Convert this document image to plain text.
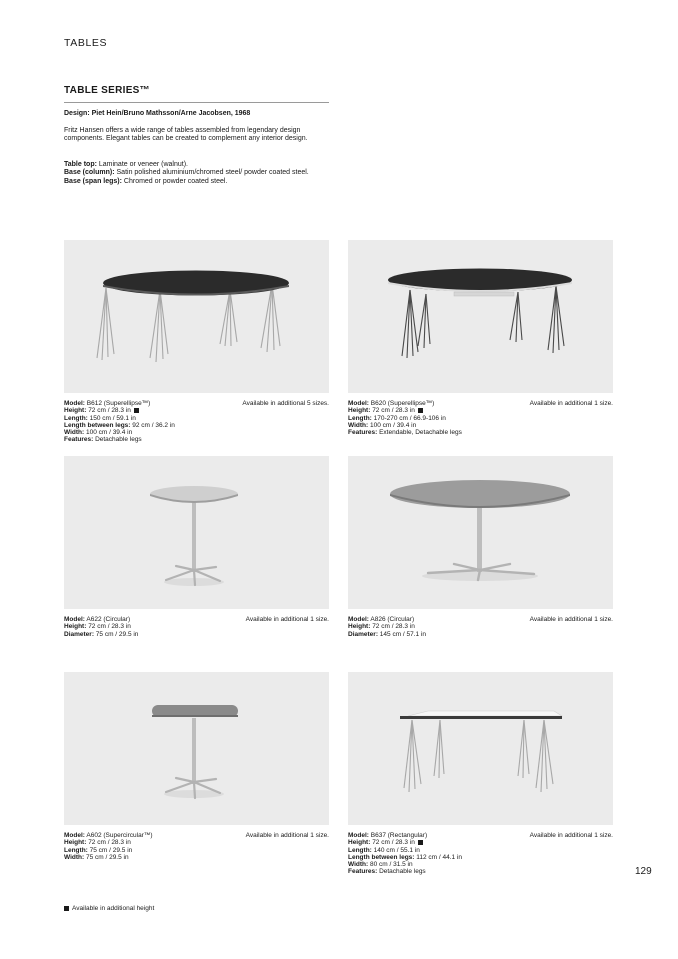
TABLES
TABLE SERIES™
Design: Piet Hein/Bruno Mathsson/Arne Jacobsen, 1968

Fritz Hansen offers a wide range of tables assembled from legendary design components. Elegant tables can be created to complement any interior design.

Table top: Laminate or veneer (walnut).
Base (column): Satin polished aluminium/chromed steel/ powder coated steel.
Base (span legs): Chromed or powder coated steel.
Available in additional 5 sizes.
Model: B612 (Superellipse™)
Height: 72 cm / 28.3 in
Length: 150 cm / 59.1 in
Length between legs: 92 cm / 36.2 in
Width: 100 cm / 39.4 in
Features: Detachable legs
Available in additional 1 size.
Model: B620 (Superellipse™)
Height: 72 cm / 28.3 in
Length: 170-270 cm / 66.9-106 in
Width: 100 cm / 39.4 in
Features: Extendable, Detachable legs
Available in additional 1 size.
Model: A622 (Circular)
Height: 72 cm / 28.3 in
Diameter: 75 cm / 29.5 in
Available in additional 1 size.
Model: A826 (Circular)
Height: 72 cm / 28.3 in
Diameter: 145 cm / 57.1 in
Available in additional 1 size.
Model: A602 (Supercircular™)
Height: 72 cm / 28.3 in
Length: 75 cm / 29.5 in
Width: 75 cm / 29.5 in
Available in additional 1 size.
Model: B637 (Rectangular)
Height: 72 cm / 28.3 in
Length: 140 cm / 55.1 in
Length between legs: 112 cm / 44.1 in
Width: 80 cm / 31.5 in
Features: Detachable legs	129
Available in additional height
